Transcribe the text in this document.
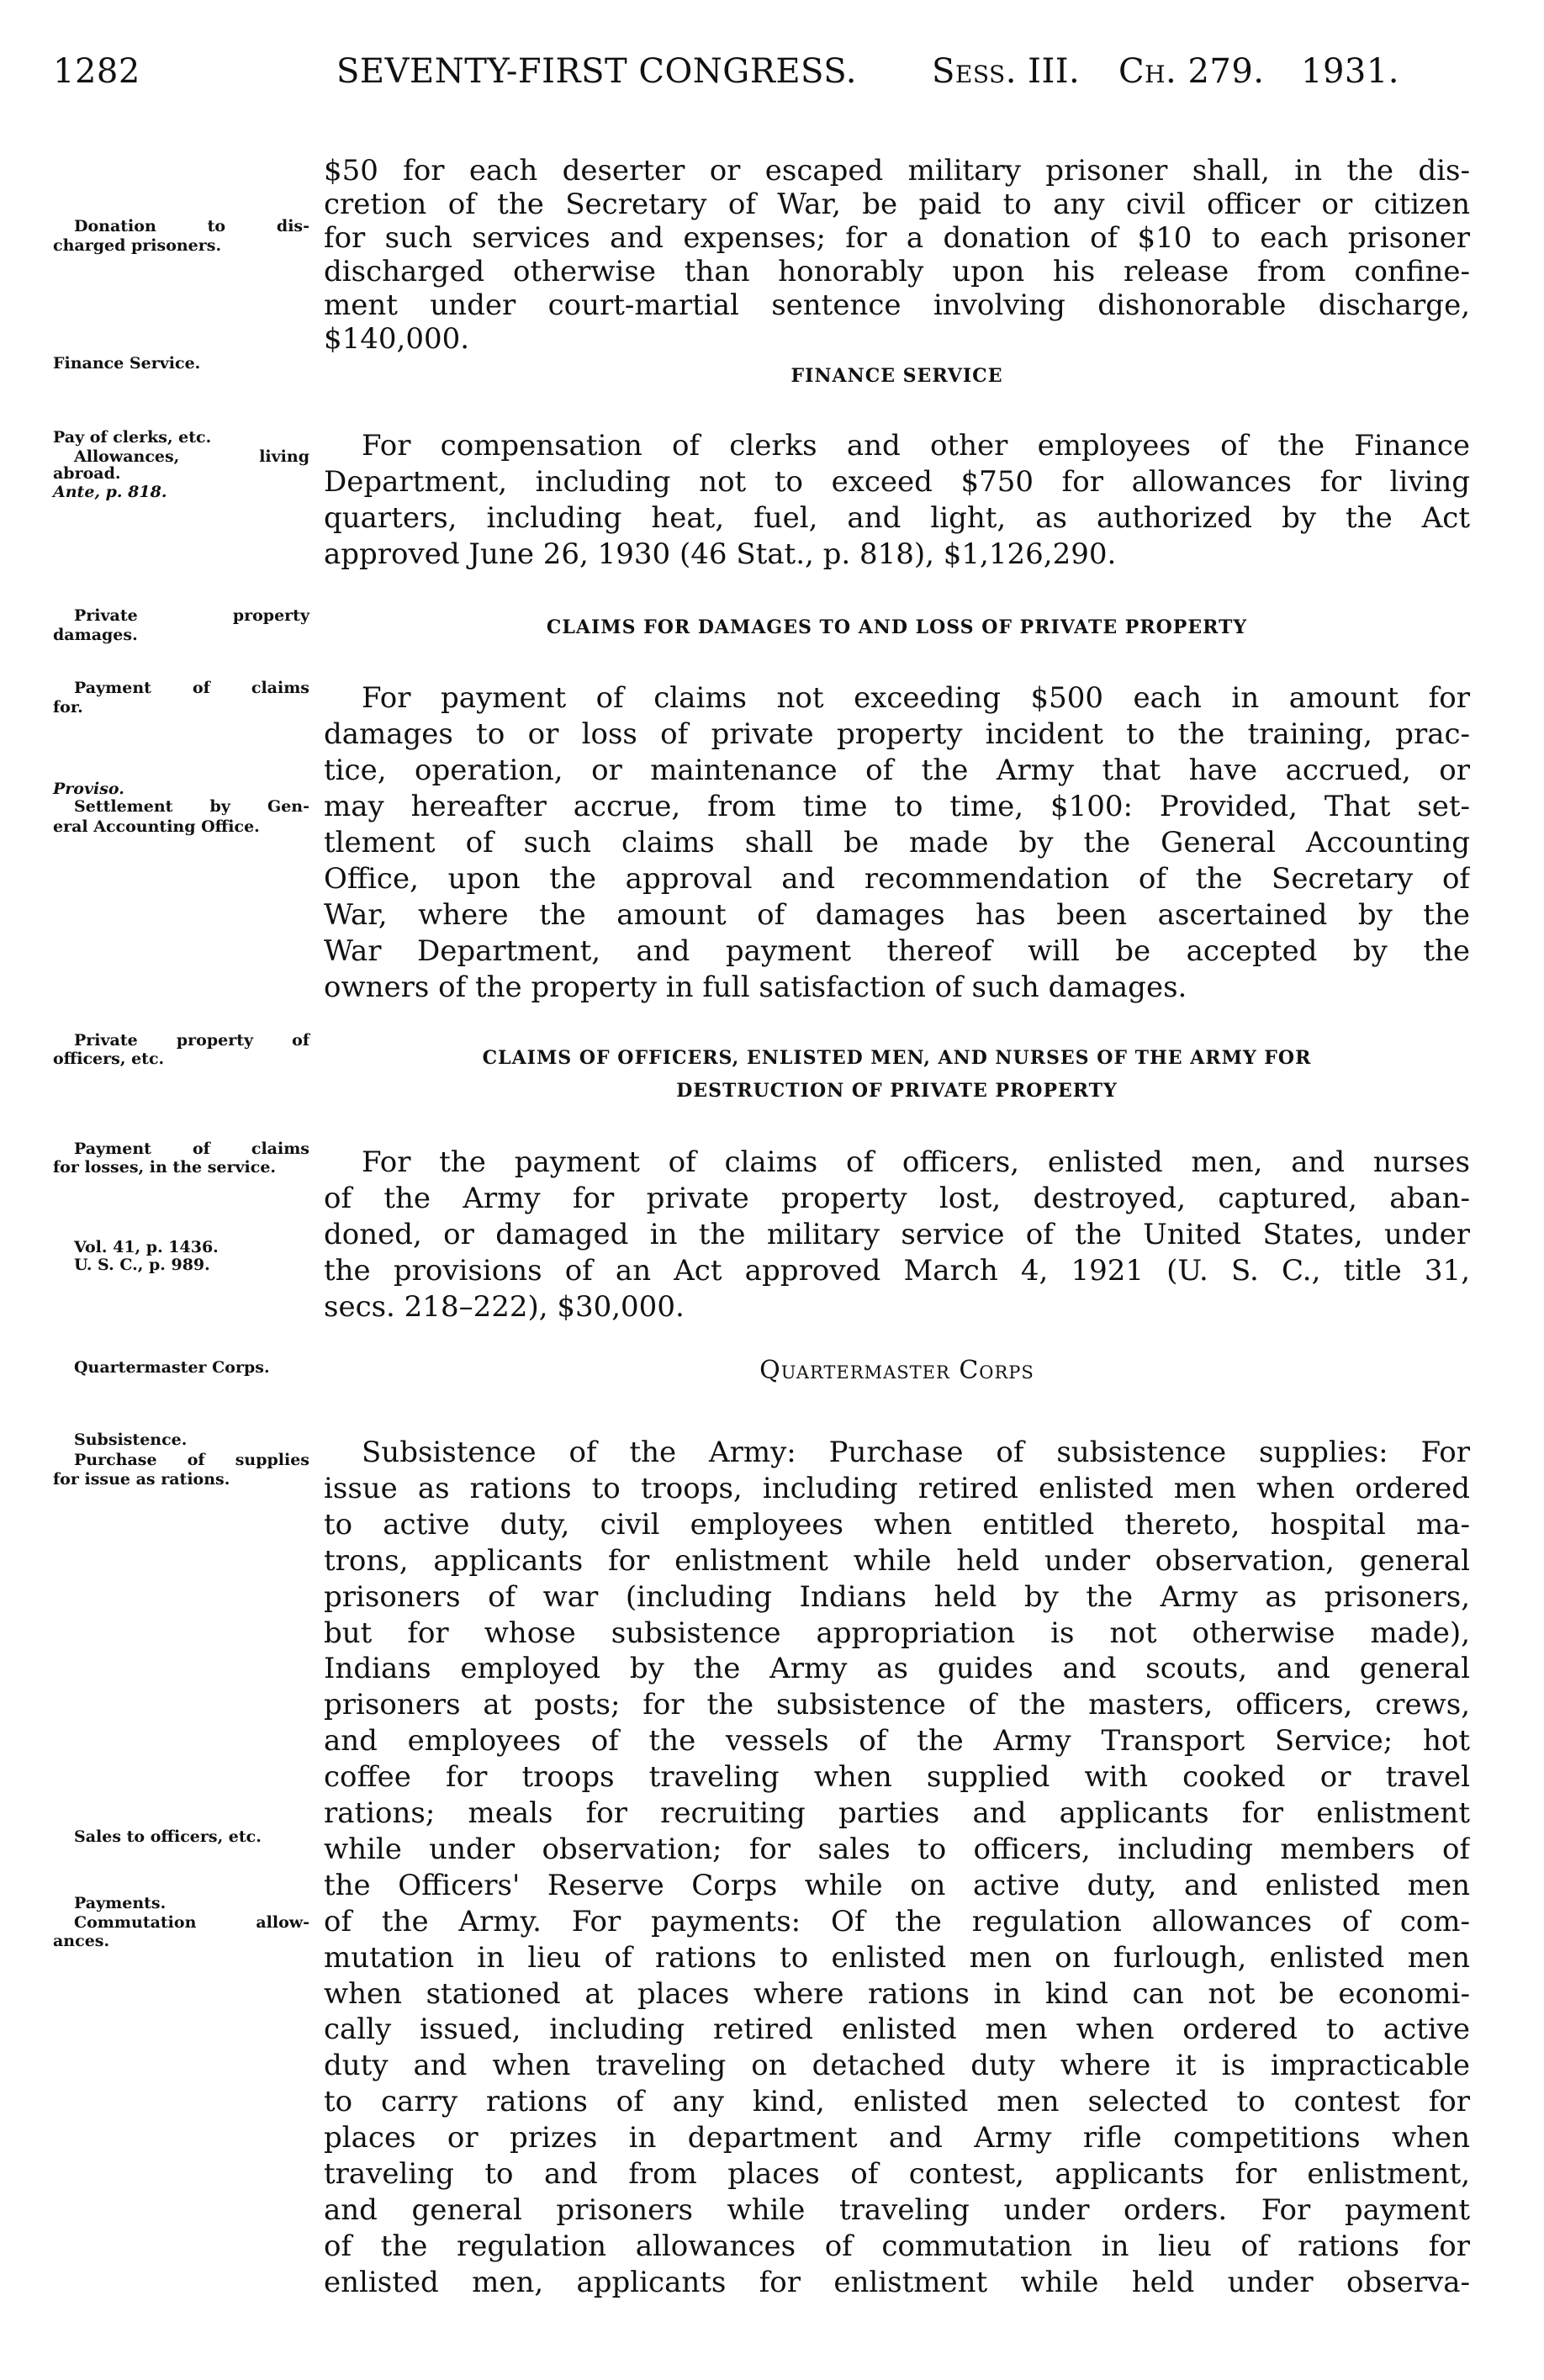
1282	SEVENTY-FIRST CONGRESS. Sess. III. Ch. 279. 1931.
$50 for each deserter or escaped military prisoner shall, in the dis-
cretion of the Secretary of War, be paid to any civil officer or citizen
for such services and expenses; for a donation of $10 to each prisoner
discharged otherwise than honorably upon his release from confine-
ment under court-martial sentence involving dishonorable discharge,
$140,000.
FINANCE SERVICE
For compensation of clerks and other employees of the Finance
Department, including not to exceed $750 for allowances for living
quarters, including heat, fuel, and light, as authorized by the Act
approved June 26, 1930 (46 Stat., p. 818), $1,126,290.
CLAIMS FOR DAMAGES TO AND LOSS OF PRIVATE PROPERTY
For payment of claims not exceeding $500 each in amount for
damages to or loss of private property incident to the training, prac-
tice, operation, or maintenance of the Army that have accrued, or
may hereafter accrue, from time to time, $100: Provided, That set-
tlement of such claims shall be made by the General Accounting
Office, upon the approval and recommendation of the Secretary of
War, where the amount of damages has been ascertained by the
War Department, and payment thereof will be accepted by the
owners of the property in full satisfaction of such damages.
CLAIMS OF OFFICERS, ENLISTED MEN, AND NURSES OF THE ARMY FOR
DESTRUCTION OF PRIVATE PROPERTY
For the payment of claims of officers, enlisted men, and nurses
of the Army for private property lost, destroyed, captured, aban-
doned, or damaged in the military service of the United States, under
the provisions of an Act approved March 4, 1921 (U. S. C., title 31,
secs. 218–222), $30,000.
Quartermaster Corps
Subsistence of the Army: Purchase of subsistence supplies: For
issue as rations to troops, including retired enlisted men when ordered
to active duty, civil employees when entitled thereto, hospital ma-
trons, applicants for enlistment while held under observation, general
prisoners of war (including Indians held by the Army as prisoners,
but for whose subsistence appropriation is not otherwise made),
Indians employed by the Army as guides and scouts, and general
prisoners at posts; for the subsistence of the masters, officers, crews,
and employees of the vessels of the Army Transport Service; hot
coffee for troops traveling when supplied with cooked or travel
rations; meals for recruiting parties and applicants for enlistment
while under observation; for sales to officers, including members of
the Officers' Reserve Corps while on active duty, and enlisted men
of the Army. For payments: Of the regulation allowances of com-
mutation in lieu of rations to enlisted men on furlough, enlisted men
when stationed at places where rations in kind can not be economi-
cally issued, including retired enlisted men when ordered to active
duty and when traveling on detached duty where it is impracticable
to carry rations of any kind, enlisted men selected to contest for
places or prizes in department and Army rifle competitions when
traveling to and from places of contest, applicants for enlistment,
and general prisoners while traveling under orders. For payment
of the regulation allowances of commutation in lieu of rations for
enlisted men, applicants for enlistment while held under observa-
Donation to dis-
charged prisoners.
Finance Service.
Pay of clerks, etc.
Allowances, living
abroad.
Ante, p. 818.
Private property
damages.
Payment of claims
for.
Proviso.
Settlement by Gen-
eral Accounting Office.
Private property of
officers, etc.
Payment of claims
for losses, in the service.
Vol. 41, p. 1436.
U. S. C., p. 989.
Quartermaster Corps.
Subsistence.
Purchase of supplies
for issue as rations.
Sales to officers, etc.
Payments.
Commutation allow-
ances.
